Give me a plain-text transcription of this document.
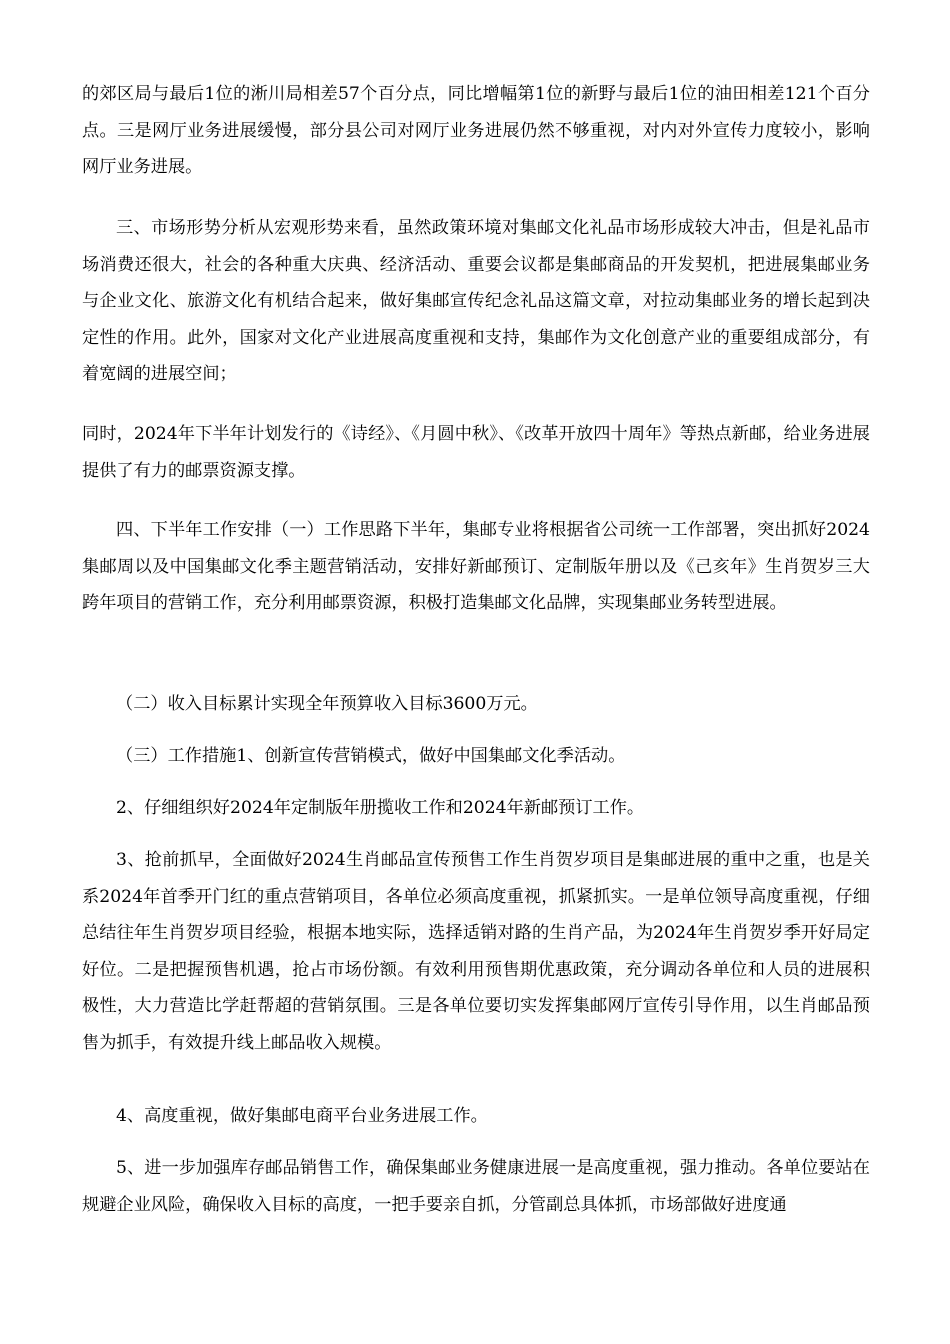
的郊区局与最后1位的淅川局相差57个百分点，同比增幅第1位的新野与最后1位的油田相差121个百分点。三是网厅业务进展缓慢，部分县公司对网厅业务进展仍然不够重视，对内对外宣传力度较小，影响网厅业务进展。

三、市场形势分析从宏观形势来看，虽然政策环境对集邮文化礼品市场形成较大冲击，但是礼品市场消费还很大，社会的各种重大庆典、经济活动、重要会议都是集邮商品的开发契机，把进展集邮业务与企业文化、旅游文化有机结合起来，做好集邮宣传纪念礼品这篇文章，对拉动集邮业务的增长起到决定性的作用。此外，国家对文化产业进展高度重视和支持，集邮作为文化创意产业的重要组成部分，有着宽阔的进展空间；

同时，2024年下半年计划发行的《诗经》、《月圆中秋》、《改革开放四十周年》等热点新邮，给业务进展提供了有力的邮票资源支撑。

四、下半年工作安排（一）工作思路下半年，集邮专业将根据省公司统一工作部署，突出抓好2024集邮周以及中国集邮文化季主题营销活动，安排好新邮预订、定制版年册以及《己亥年》生肖贺岁三大跨年项目的营销工作，充分利用邮票资源，积极打造集邮文化品牌，实现集邮业务转型进展。

（二）收入目标累计实现全年预算收入目标3600万元。

（三）工作措施1、创新宣传营销模式，做好中国集邮文化季活动。

2、仔细组织好2024年定制版年册揽收工作和2024年新邮预订工作。

3、抢前抓早，全面做好2024生肖邮品宣传预售工作生肖贺岁项目是集邮进展的重中之重，也是关系2024年首季开门红的重点营销项目，各单位必须高度重视，抓紧抓实。一是单位领导高度重视，仔细总结往年生肖贺岁项目经验，根据本地实际，选择适销对路的生肖产品，为2024年生肖贺岁季开好局定好位。二是把握预售机遇，抢占市场份额。有效利用预售期优惠政策，充分调动各单位和人员的进展积极性，大力营造比学赶帮超的营销氛围。三是各单位要切实发挥集邮网厅宣传引导作用，以生肖邮品预售为抓手，有效提升线上邮品收入规模。

4、高度重视，做好集邮电商平台业务进展工作。

5、进一步加强库存邮品销售工作，确保集邮业务健康进展一是高度重视，强力推动。各单位要站在规避企业风险，确保收入目标的高度，一把手要亲自抓，分管副总具体抓，市场部做好进度通
